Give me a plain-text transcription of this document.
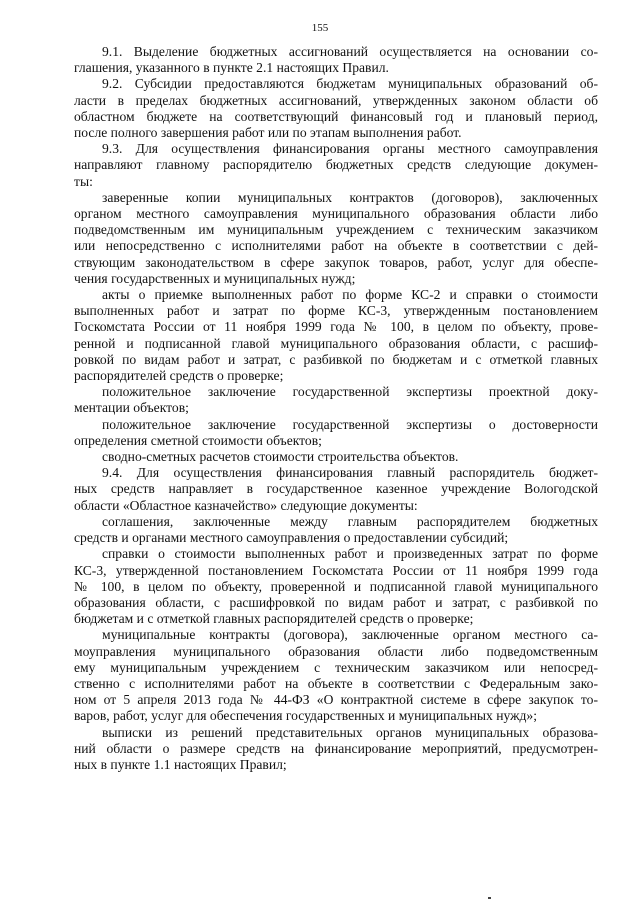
155
9.1. Выделение бюджетных ассигнований осуществляется на основании со-
глашения, указанного в пункте 2.1 настоящих Правил.
9.2. Субсидии предоставляются бюджетам муниципальных образований об-
ласти в пределах бюджетных ассигнований, утвержденных законом области об
областном бюджете на соответствующий финансовый год и плановый период,
после полного завершения работ или по этапам выполнения работ.
9.3. Для осуществления финансирования органы местного самоуправления
направляют главному распорядителю бюджетных средств следующие докумен-
ты:
заверенные копии муниципальных контрактов (договоров), заключенных
органом местного самоуправления муниципального образования области либо
подведомственным им муниципальным учреждением с техническим заказчиком
или непосредственно с исполнителями работ на объекте в соответствии с дей-
ствующим законодательством в сфере закупок товаров, работ, услуг для обеспе-
чения государственных и муниципальных нужд;
акты о приемке выполненных работ по форме КС-2 и справки о стоимости
выполненных работ и затрат по форме КС-3, утвержденным постановлением
Госкомстата России от 11 ноября 1999 года № 100, в целом по объекту, прове-
ренной и подписанной главой муниципального образования области, с расшиф-
ровкой по видам работ и затрат, с разбивкой по бюджетам и с отметкой главных
распорядителей средств о проверке;
положительное заключение государственной экспертизы проектной доку-
ментации объектов;
положительное заключение государственной экспертизы о достоверности
определения сметной стоимости объектов;
сводно-сметных расчетов стоимости строительства объектов.
9.4. Для осуществления финансирования главный распорядитель бюджет-
ных средств направляет в государственное казенное учреждение Вологодской
области «Областное казначейство» следующие документы:
соглашения, заключенные между главным распорядителем бюджетных
средств и органами местного самоуправления о предоставлении субсидий;
справки о стоимости выполненных работ и произведенных затрат по форме
КС-3, утвержденной постановлением Госкомстата России от 11 ноября 1999 года
№ 100, в целом по объекту, проверенной и подписанной главой муниципального
образования области, с расшифровкой по видам работ и затрат, с разбивкой по
бюджетам и с отметкой главных распорядителей средств о проверке;
муниципальные контракты (договора), заключенные органом местного са-
моуправления муниципального образования области либо подведомственным
ему муниципальным учреждением с техническим заказчиком или непосред-
ственно с исполнителями работ на объекте в соответствии с Федеральным зако-
ном от 5 апреля 2013 года № 44-ФЗ «О контрактной системе в сфере закупок то-
варов, работ, услуг для обеспечения государственных и муниципальных нужд»;
выписки из решений представительных органов муниципальных образова-
ний области о размере средств на финансирование мероприятий, предусмотрен-
ных в пункте 1.1 настоящих Правил;
